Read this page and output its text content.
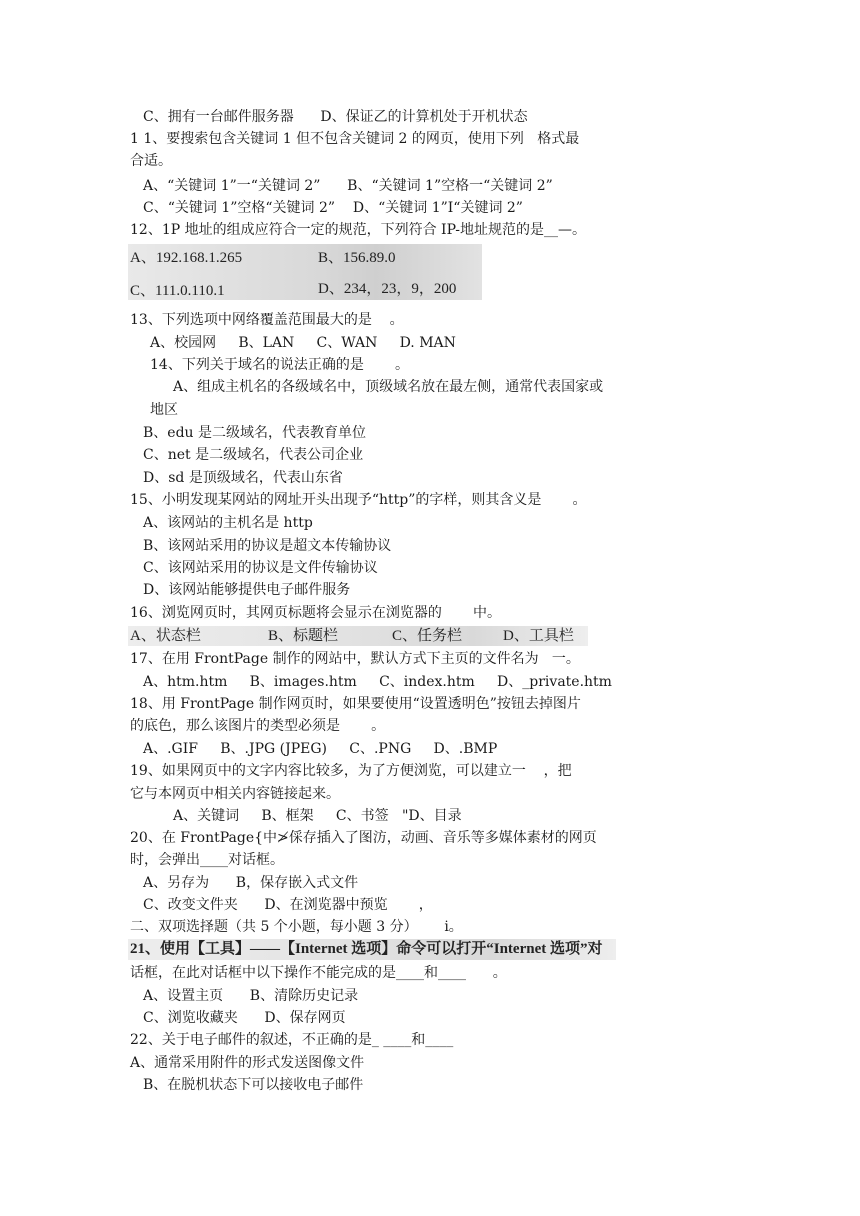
C、拥有一台邮件服务器      D、保证乙的计算机处于开机状态
1 1、要搜索包含关键词 1 但不包含关键词 2 的网页，使用下列   格式最
合适。
A、“关键词 1”一“关键词 2”      B、“关键词 1”空格一“关键词 2”
C、“关键词 1”空格“关键词 2”    D、“关键词 1”I“关键词 2”
12、1P 地址的组成应符合一定的规范，下列符合 IP-地址规范的是__—。
A、192.168.1.265	B、156.89.0
C、111.0.110.1	D、234，23，9，200
13、下列选项中网络覆盖范围最大的是    。
A、校园网     B、LAN     C、WAN     D. MAN
14、下列关于域名的说法正确的是       。
A、组成主机名的各级域名中，顶级域名放在最左侧，通常代表国家或
地区
B、edu 是二级域名，代表教育单位
C、net 是二级域名，代表公司企业
D、sd 是顶级域名，代表山东省
15、小明发现某网站的网址开头出现予“http”的字样，则其含义是       。
A、该网站的主机名是 http
B、该网站采用的协议是超文本传输协议
C、该网站采用的协议是文件传输协议
D、该网站能够提供电子邮件服务
16、浏览网页时，其网页标题将会显示在浏览器的       中。
A、状态栏	B、标题栏	C、任务栏	D、工具栏
17、在用 FrontPage 制作的网站中，默认方式下主页的文件名为   一。
A、htm.htm     B、images.htm     C、index.htm     D、_private.htm
18、用 FrontPage 制作网页时，如果要使用“设置透明色”按钮去掉图片
的底色，那么该图片的类型必须是       。
A、.GIF     B、.JPG (JPEG)     C、.PNG     D、.BMP
19、如果网页中的文字内容比较多，为了方便浏览，可以建立一    ，把
它与本网页中相关内容链接起来。
A、关键词     B、框架     C、书签   "D、目录
20、在 FrontPage{中≯倸存插入了图汸，动画、音乐等多媒体素材的网页
时，会弹出____对话框。
A、另存为      B，保存嵌入式文件
C、改变文件夹      D、在浏览器中预览       ，
二、双项选择题（共 5 个小题，每小题 3 分）      i。
21、使用【工具】——【Internet 选项】命令可以打开“Internet 选项”对
话框，在此对话框中以下操作不能完成的是____和____      。
A、设置主页      B、清除历史记录
C、浏览收藏夹      D、保存网页
22、关于电子邮件的叙述，不正确的是_ ____和____
A、通常采用附件的形式发送图像文件
B、在脱机状态下可以接收电子邮件
